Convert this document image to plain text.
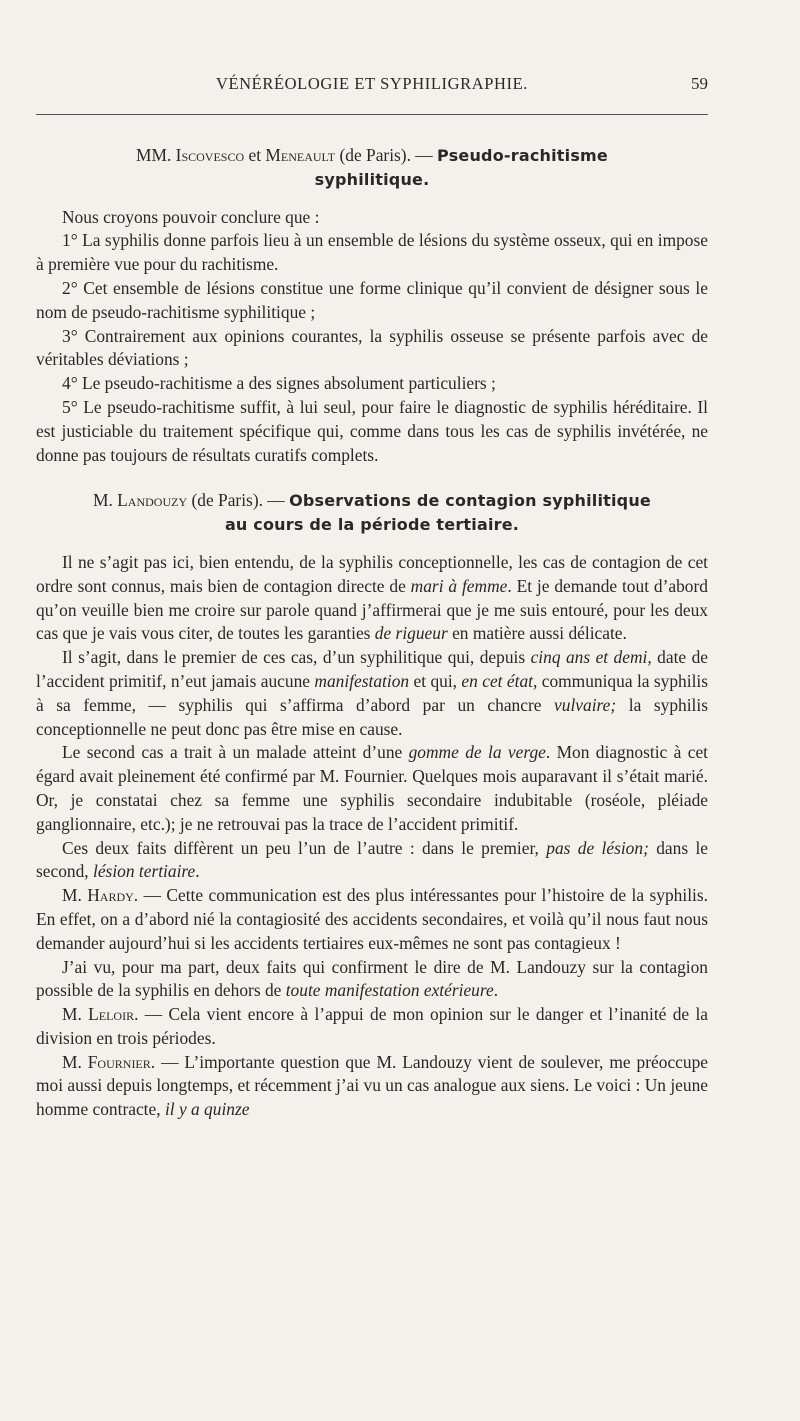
VÉNÉRÉOLOGIE ET SYPHILIGRAPHIE.	59
MM. Iscovesco et Meneault (de Paris). — Pseudo-rachitisme
syphilitique.

Nous croyons pouvoir conclure que :

1° La syphilis donne parfois lieu à un ensemble de lésions du système osseux, qui en impose à première vue pour du rachitisme.

2° Cet ensemble de lésions constitue une forme clinique qu’il convient de désigner sous le nom de pseudo-rachitisme syphilitique ;

3° Contrairement aux opinions courantes, la syphilis osseuse se présente parfois avec de véritables déviations ;

4° Le pseudo-rachitisme a des signes absolument particuliers ;

5° Le pseudo-rachitisme suffit, à lui seul, pour faire le diagnostic de syphilis héréditaire. Il est justiciable du traitement spécifique qui, comme dans tous les cas de syphilis invétérée, ne donne pas toujours de résultats curatifs complets.

M. Landouzy (de Paris). — Observations de contagion syphilitique
au cours de la période tertiaire.

Il ne s’agit pas ici, bien entendu, de la syphilis conceptionnelle, les cas de contagion de cet ordre sont connus, mais bien de contagion directe de mari à femme. Et je demande tout d’abord qu’on veuille bien me croire sur parole quand j’affirmerai que je me suis entouré, pour les deux cas que je vais vous citer, de toutes les garanties de rigueur en matière aussi délicate.

Il s’agit, dans le premier de ces cas, d’un syphilitique qui, depuis cinq ans et demi, date de l’accident primitif, n’eut jamais aucune manifestation et qui, en cet état, communiqua la syphilis à sa femme, — syphilis qui s’affirma d’abord par un chancre vulvaire; la syphilis conceptionnelle ne peut donc pas être mise en cause.

Le second cas a trait à un malade atteint d’une gomme de la verge. Mon diagnostic à cet égard avait pleinement été confirmé par M. Fournier. Quelques mois auparavant il s’était marié. Or, je constatai chez sa femme une syphilis secondaire indubitable (roséole, pléiade ganglionnaire, etc.); je ne retrouvai pas la trace de l’accident primitif.

Ces deux faits diffèrent un peu l’un de l’autre : dans le premier, pas de lésion; dans le second, lésion tertiaire.

M. Hardy. — Cette communication est des plus intéressantes pour l’histoire de la syphilis. En effet, on a d’abord nié la contagiosité des accidents secondaires, et voilà qu’il nous faut nous demander aujourd’hui si les accidents tertiaires eux-mêmes ne sont pas contagieux !

J’ai vu, pour ma part, deux faits qui confirment le dire de M. Landouzy sur la contagion possible de la syphilis en dehors de toute manifestation extérieure.

M. Leloir. — Cela vient encore à l’appui de mon opinion sur le danger et l’inanité de la division en trois périodes.

M. Fournier. — L’importante question que M. Landouzy vient de soulever, me préoccupe moi aussi depuis longtemps, et récemment j’ai vu un cas analogue aux siens. Le voici : Un jeune homme contracte, il y a quinze
